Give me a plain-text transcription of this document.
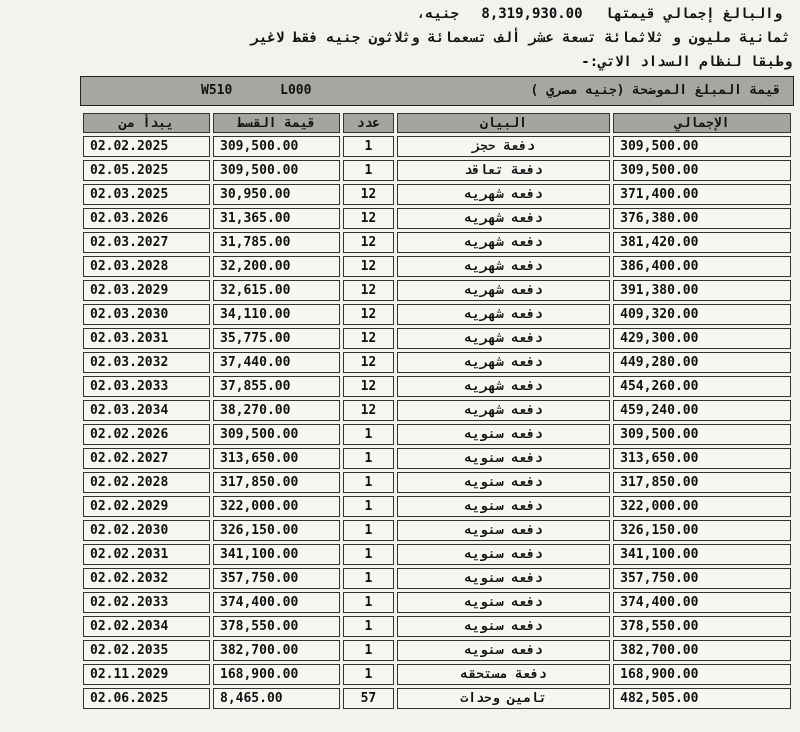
والبالغ إجمالي قيمتها 8,319,930.00 جنيه،
ثمانية مليون و ثلاثمائة تسعة عشر ألف تسعمائة وثلاثون جنيه فقط لاغير
وطبقا لنظام السداد الاتي:-
W510	L000	قيمة المبلغ الموضحة (جنيه مصري )
يبدأ من	قيمة القسط	عدد	البيان	الإجمالي
02.02.2025	309,500.00	1	دفعة حجز	309,500.00
02.05.2025	309,500.00	1	دفعة تعاقد	309,500.00
02.03.2025	30,950.00	12	دفعه شهريه	371,400.00
02.03.2026	31,365.00	12	دفعه شهريه	376,380.00
02.03.2027	31,785.00	12	دفعه شهريه	381,420.00
02.03.2028	32,200.00	12	دفعه شهريه	386,400.00
02.03.2029	32,615.00	12	دفعه شهريه	391,380.00
02.03.2030	34,110.00	12	دفعه شهريه	409,320.00
02.03.2031	35,775.00	12	دفعه شهريه	429,300.00
02.03.2032	37,440.00	12	دفعه شهريه	449,280.00
02.03.2033	37,855.00	12	دفعه شهريه	454,260.00
02.03.2034	38,270.00	12	دفعه شهريه	459,240.00
02.02.2026	309,500.00	1	دفعه سنويه	309,500.00
02.02.2027	313,650.00	1	دفعه سنويه	313,650.00
02.02.2028	317,850.00	1	دفعه سنويه	317,850.00
02.02.2029	322,000.00	1	دفعه سنويه	322,000.00
02.02.2030	326,150.00	1	دفعه سنويه	326,150.00
02.02.2031	341,100.00	1	دفعه سنويه	341,100.00
02.02.2032	357,750.00	1	دفعه سنويه	357,750.00
02.02.2033	374,400.00	1	دفعه سنويه	374,400.00
02.02.2034	378,550.00	1	دفعه سنويه	378,550.00
02.02.2035	382,700.00	1	دفعه سنويه	382,700.00
02.11.2029	168,900.00	1	دفعة مستحقه	168,900.00
02.06.2025	8,465.00	57	تامين وحدات	482,505.00
